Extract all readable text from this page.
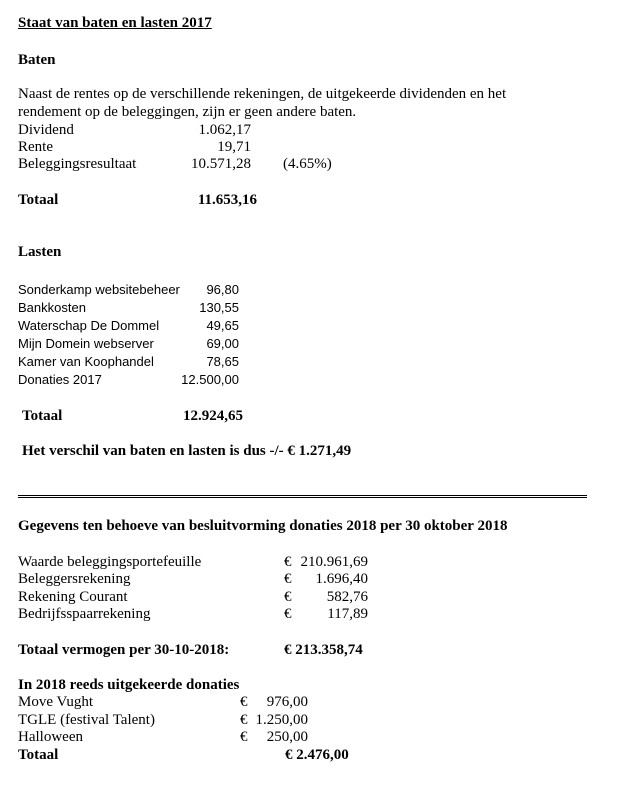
Staat van baten en lasten 2017
Baten
Naast de rentes op de verschillende rekeningen, de uitgekeerde dividenden en het
rendement op de beleggingen, zijn er geen andere baten.
Dividend	1.062,17
Rente	19,71
Beleggingsresultaat	10.571,28 (4.65%)
Totaal	11.653,16
Lasten
Sonderkamp websitebeheer	96,80
Bankkosten	130,55
Waterschap De Dommel	49,65
Mijn Domein webserver	69,00
Kamer van Koophandel	78,65
Donaties 2017	12.500,00
Totaal	12.924,65
Het verschil van baten en lasten is dus -/- € 1.271,49
Gegevens ten behoeve van besluitvorming donaties 2018 per 30 oktober 2018
Waarde beleggingsportefeuille	€ 210.961,69
Beleggersrekening	€	1.696,40
Rekening Courant	€	582,76
Bedrijfsspaarrekening	€	117,89
Totaal vermogen per 30-10-2018:	€ 213.358,74
In 2018 reeds uitgekeerde donaties
Move Vught	€	976,00
TGLE (festival Talent)	€ 1.250,00
Halloween	€	250,00
Totaal	€ 2.476,00
